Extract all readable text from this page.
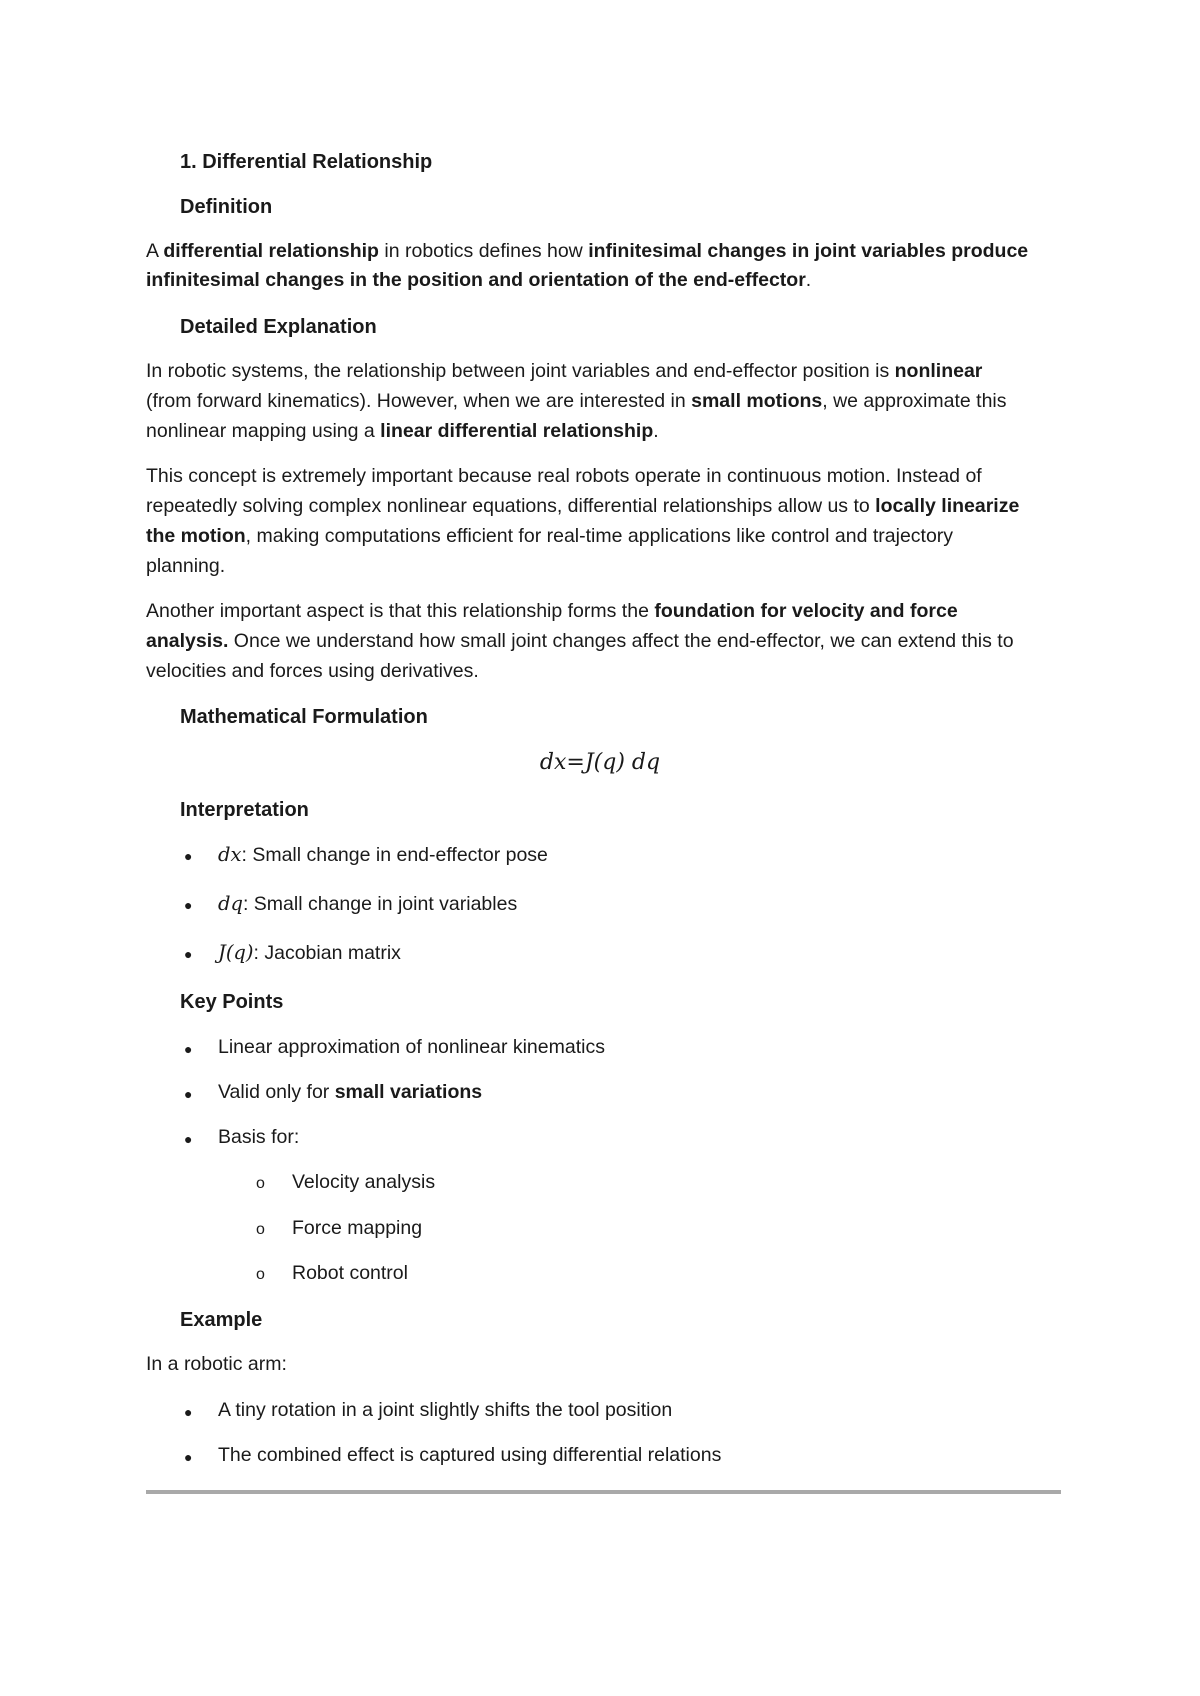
1. Differential Relationship
Definition
A differential relationship in robotics defines how infinitesimal changes in joint variables produce
infinitesimal changes in the position and orientation of the end-effector.
Detailed Explanation
In robotic systems, the relationship between joint variables and end-effector position is nonlinear
(from forward kinematics). However, when we are interested in small motions, we approximate this
nonlinear mapping using a linear differential relationship.
This concept is extremely important because real robots operate in continuous motion. Instead of
repeatedly solving complex nonlinear equations, differential relationships allow us to locally linearize
the motion, making computations efficient for real-time applications like control and trajectory
planning.
Another important aspect is that this relationship forms the foundation for velocity and force
analysis. Once we understand how small joint changes affect the end-effector, we can extend this to
velocities and forces using derivatives.
Mathematical Formulation
dx=J(q) dq
Interpretation
● dx: Small change in end-effector pose
● dq: Small change in joint variables
● J(q): Jacobian matrix
Key Points
● Linear approximation of nonlinear kinematics
● Valid only for small variations
● Basis for:
o Velocity analysis
o Force mapping
o Robot control
Example
In a robotic arm:
● A tiny rotation in a joint slightly shifts the tool position
● The combined effect is captured using differential relations
